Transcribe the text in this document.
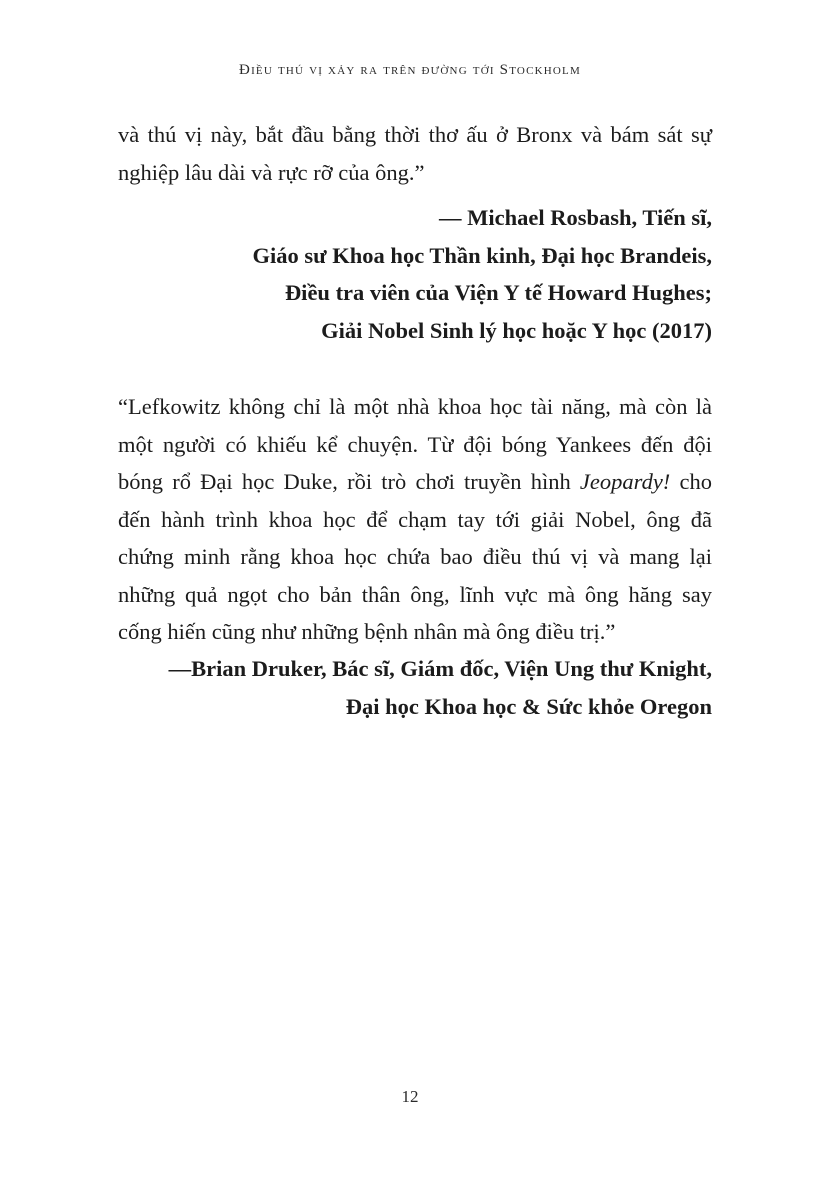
Điều thú vị xảy ra trên đường tới Stockholm
và thú vị này, bắt đầu bằng thời thơ ấu ở Bronx và bám sát sự
nghiệp lâu dài và rực rỡ của ông.”
— Michael Rosbash, Tiến sĩ,
Giáo sư Khoa học Thần kinh, Đại học Brandeis,
Điều tra viên của Viện Y tế Howard Hughes;
Giải Nobel Sinh lý học hoặc Y học (2017)
“Lefkowitz không chỉ là một nhà khoa học tài năng, mà còn là
một người có khiếu kể chuyện. Từ đội bóng Yankees đến đội
bóng rổ Đại học Duke, rồi trò chơi truyền hình Jeopardy! cho
đến hành trình khoa học để chạm tay tới giải Nobel, ông đã
chứng minh rằng khoa học chứa bao điều thú vị và mang lại
những quả ngọt cho bản thân ông, lĩnh vực mà ông hăng say
cống hiến cũng như những bệnh nhân mà ông điều trị.”
—Brian Druker, Bác sĩ, Giám đốc, Viện Ung thư Knight,
Đại học Khoa học & Sức khỏe Oregon
12
